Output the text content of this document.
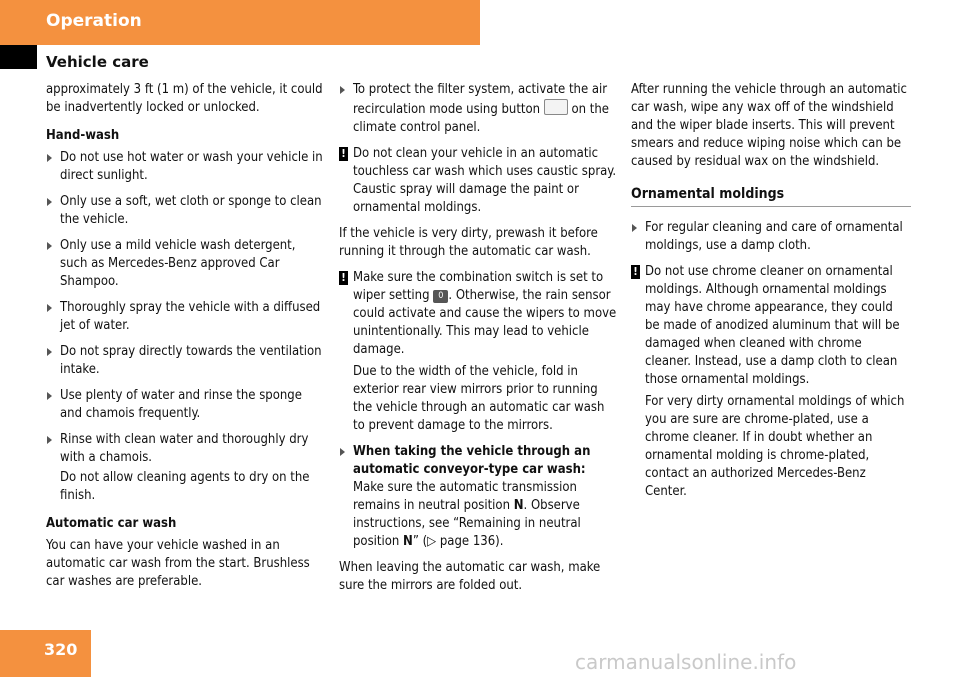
Operation
Vehicle care

approximately 3 ft (1 m) of the vehicle, it could be inadvertently locked or unlocked.

Hand-wash
Do not use hot water or wash your vehicle in direct sunlight.
Only use a soft, wet cloth or sponge to clean the vehicle.
Only use a mild vehicle wash detergent, such as Mercedes-Benz approved Car Shampoo.
Thoroughly spray the vehicle with a diffused jet of water.
Do not spray directly towards the ventilation intake.
Use plenty of water and rinse the sponge and chamois frequently.
Rinse with clean water and thoroughly dry with a chamois.
Do not allow cleaning agents to dry on the finish.
Automatic car wash

You can have your vehicle washed in an automatic car wash from the start. Brushless car washes are preferable.

To protect the filter system, activate the air recirculation mode using button on the climate control panel.
! Do not clean your vehicle in an automatic touchless car wash which uses caustic spray. Caustic spray will damage the paint or ornamental moldings.

If the vehicle is very dirty, prewash it before running it through the automatic car wash.

! Make sure the combination switch is set to wiper setting 0 . Otherwise, the rain sensor could activate and cause the wipers to move unintentionally. This may lead to vehicle damage.
Due to the width of the vehicle, fold in exterior rear view mirrors prior to running the vehicle through an automatic car wash to prevent damage to the mirrors.
When taking the vehicle through an automatic conveyor-type car wash:
Make sure the automatic transmission remains in neutral position N. Observe instructions, see “Remaining in neutral position N” (▷ page 136).

When leaving the automatic car wash, make sure the mirrors are folded out.

After running the vehicle through an automatic car wash, wipe any wax off of the windshield and the wiper blade inserts. This will prevent smears and reduce wiping noise which can be caused by residual wax on the windshield.

Ornamental moldings
For regular cleaning and care of ornamental moldings, use a damp cloth.
! Do not use chrome cleaner on ornamental moldings. Although ornamental moldings may have chrome appearance, they could be made of anodized aluminum that will be damaged when cleaned with chrome cleaner. Instead, use a damp cloth to clean those ornamental moldings.
For very dirty ornamental moldings of which you are sure are chrome-plated, use a chrome cleaner. If in doubt whether an ornamental molding is chrome-plated, contact an authorized Mercedes-Benz Center.
320
carmanualsonline.info
